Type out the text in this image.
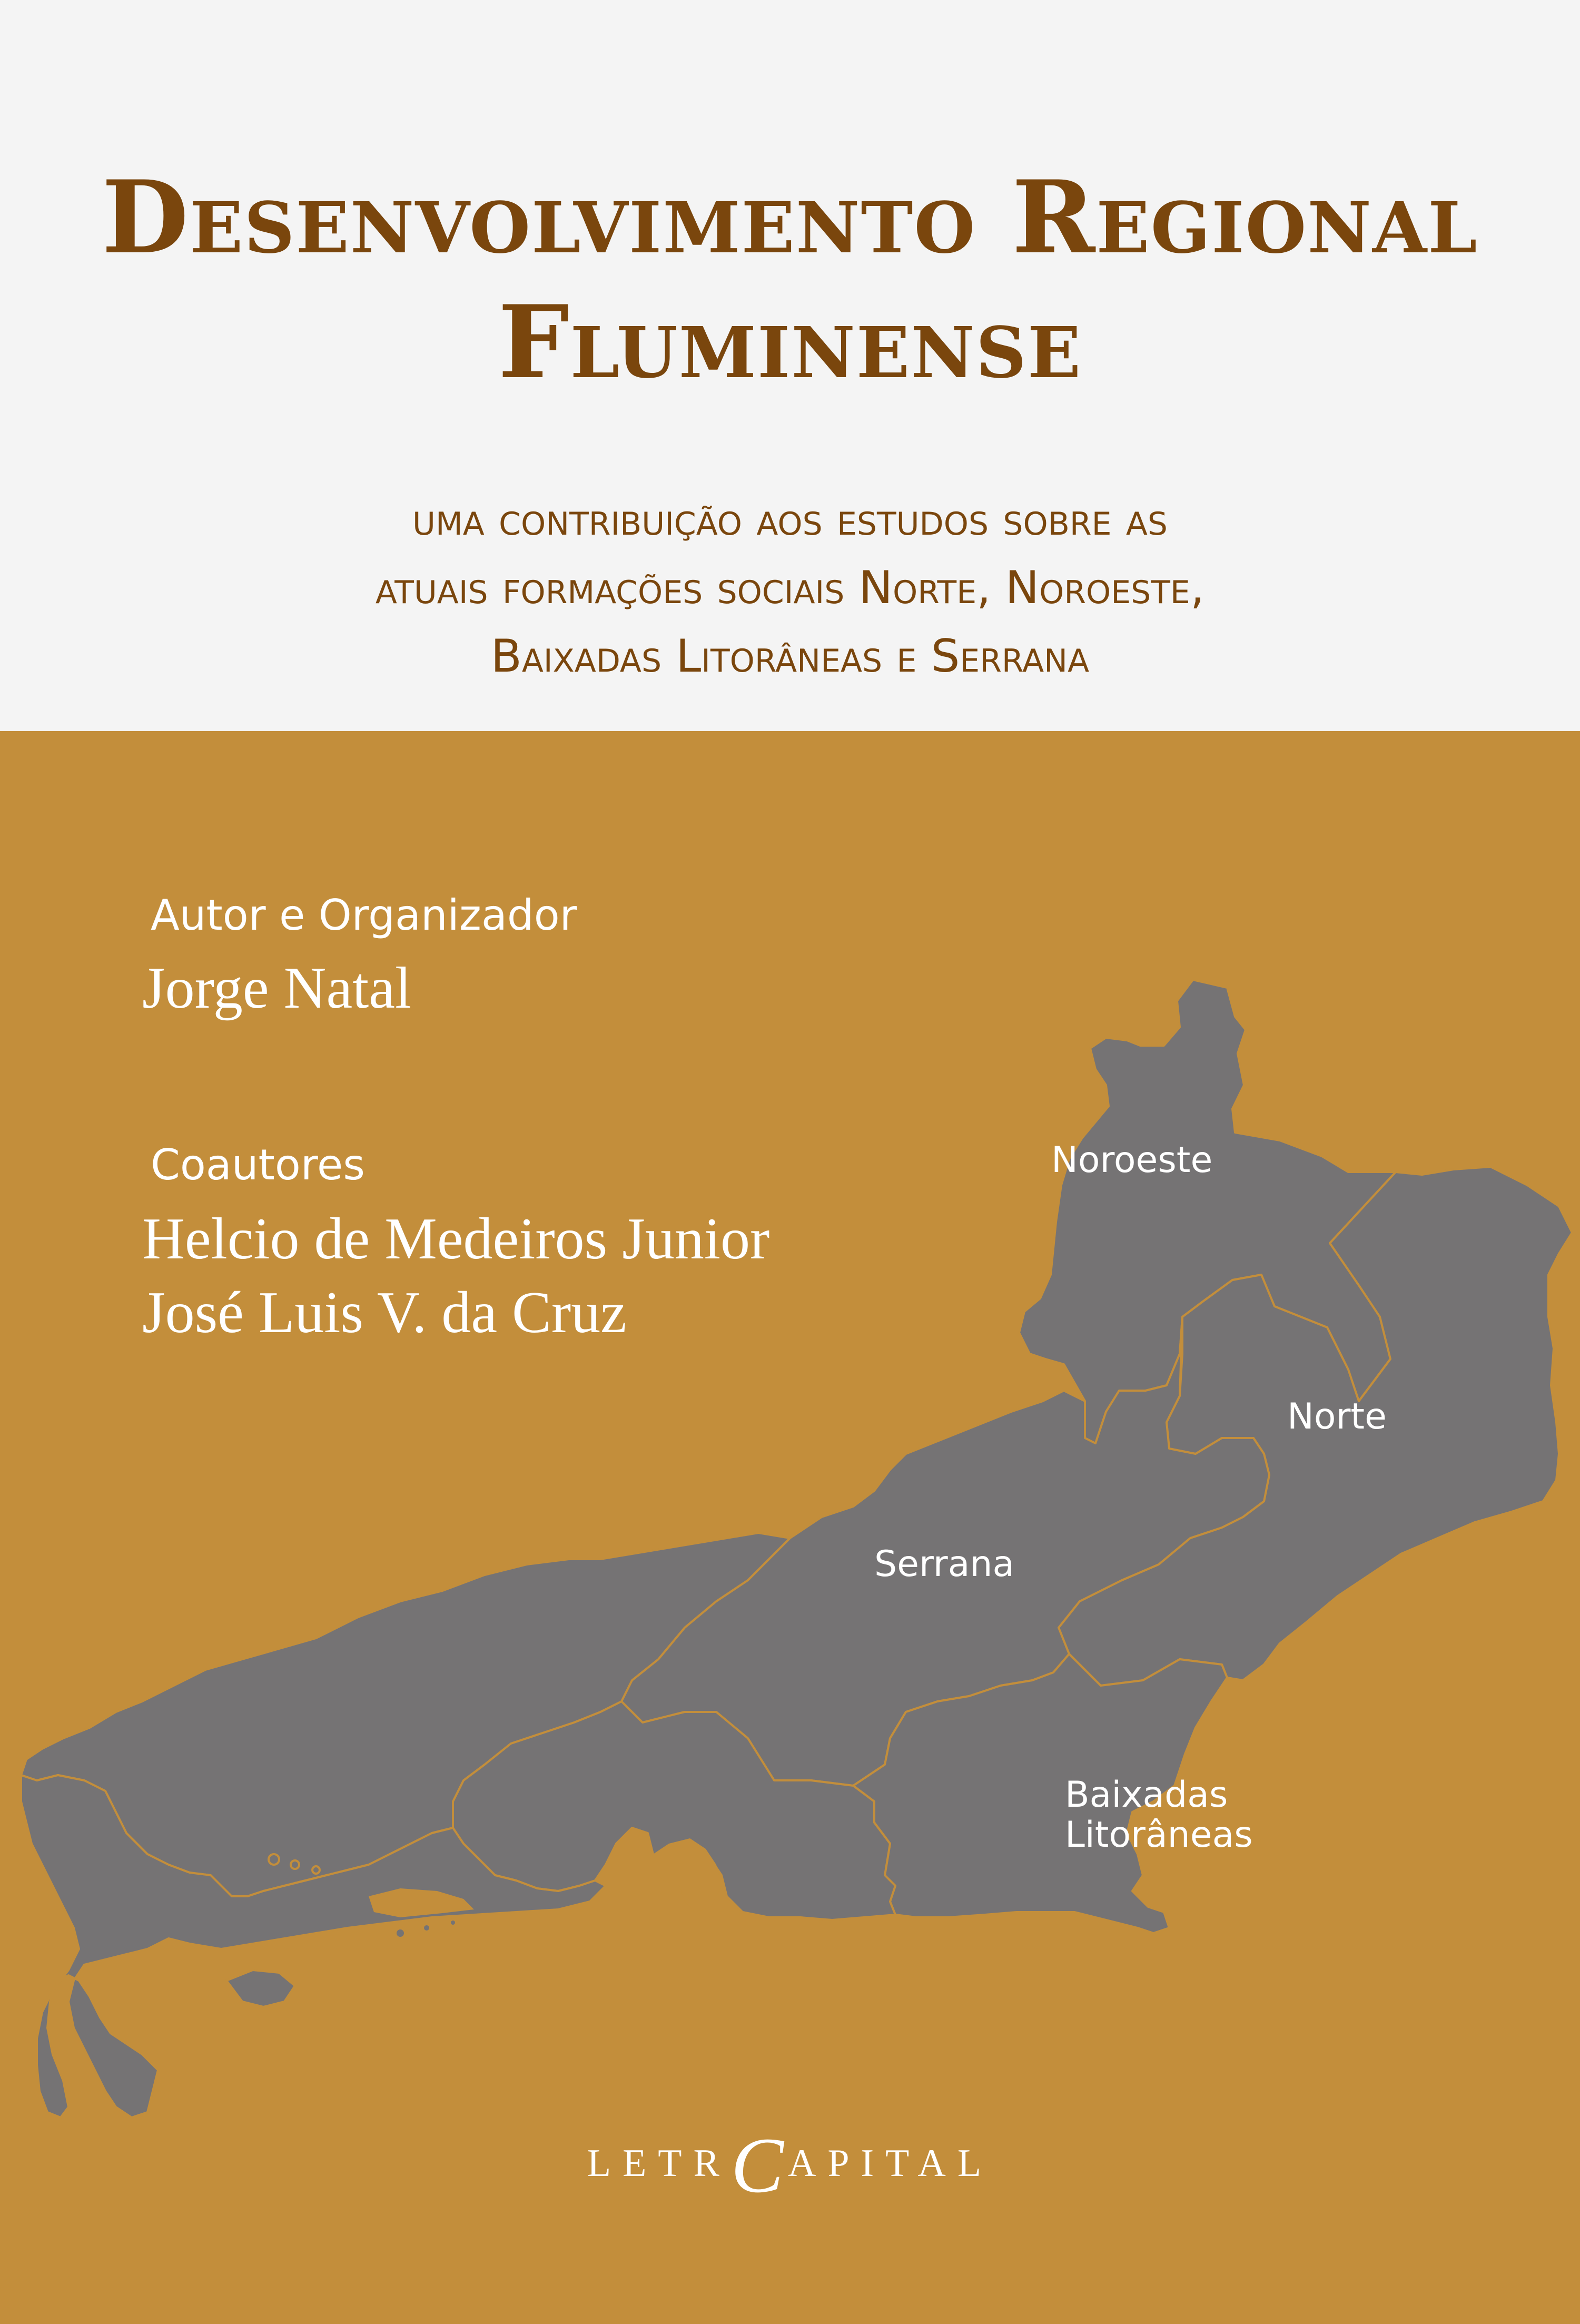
Desenvolvimento Regional
Fluminense
uma contribuição aos estudos sobre as
atuais formações sociais Norte, Noroeste,
Baixadas Litorâneas e Serrana
Autor e Organizador
Jorge Natal
Coautores
Helcio de Medeiros Junior
José Luis V. da Cruz
Noroeste
Norte
Serrana
Baixadas
Litorâneas
LETRC APITAL
